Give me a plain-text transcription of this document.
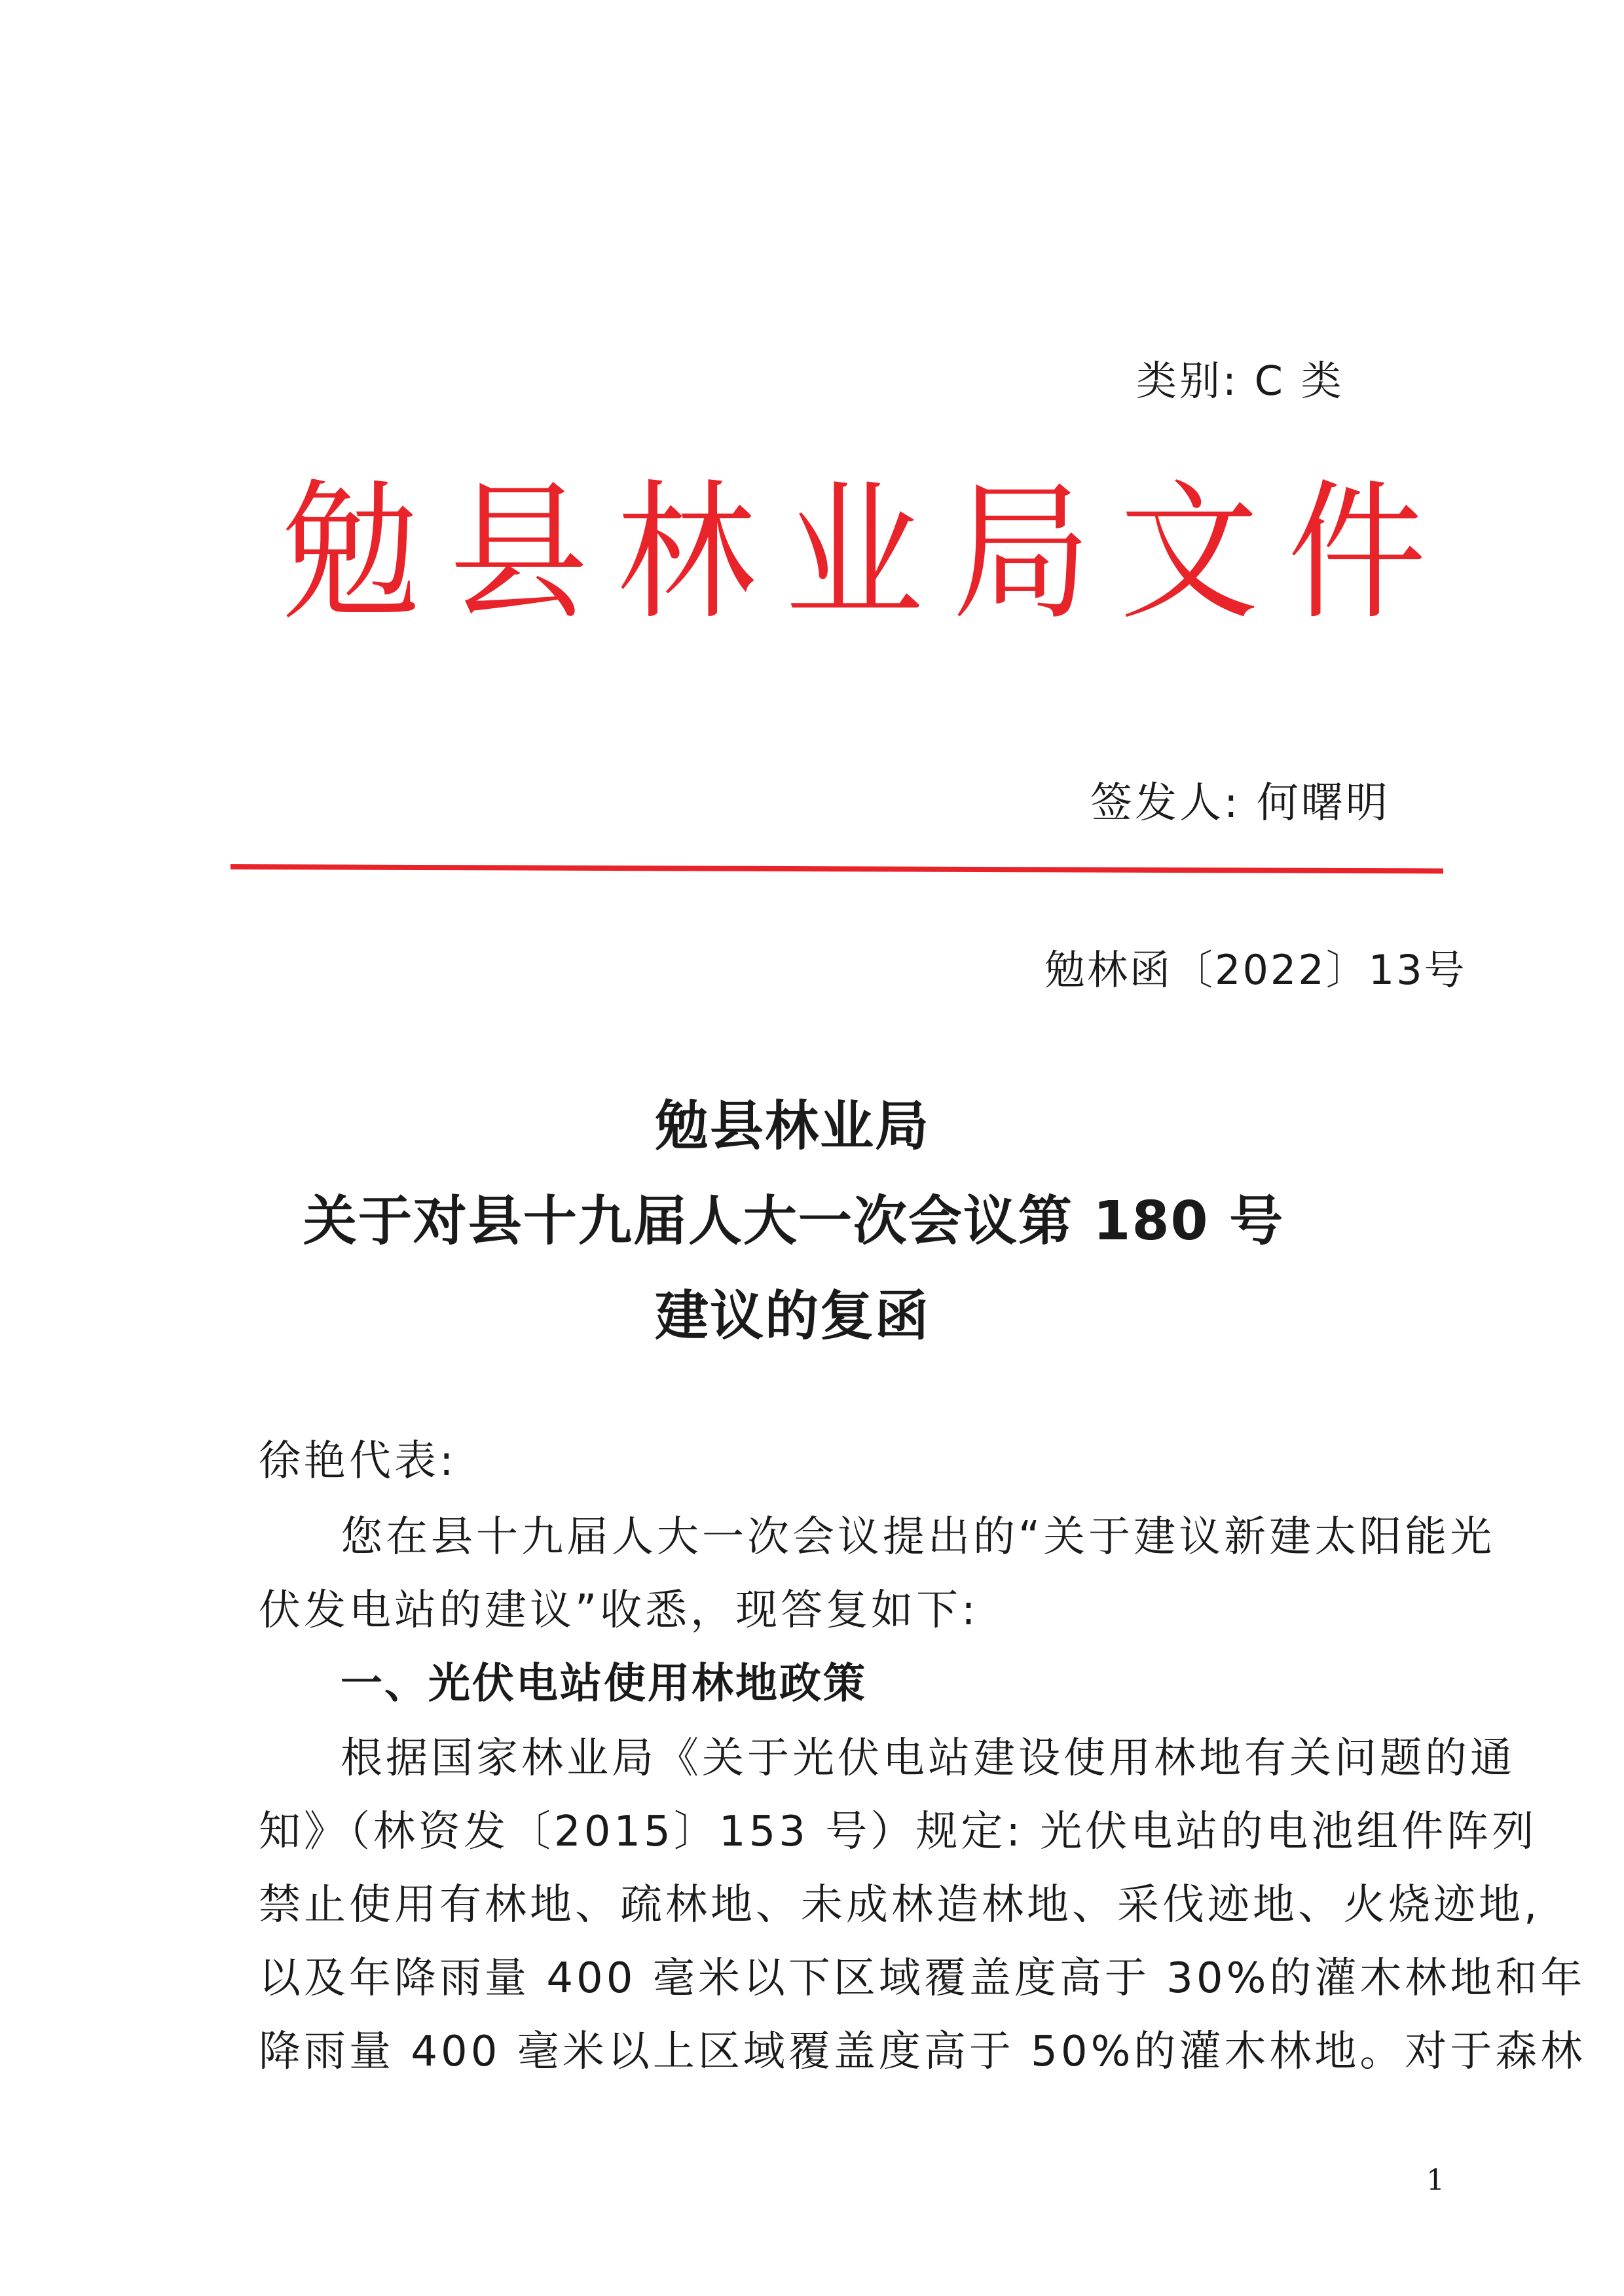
类别: C 类
勉县林业局文件
签发人: 何曙明
勉林函〔2022〕13号
勉县林业局
关于对县十九届人大一次会议第 180 号
建议的复函
徐艳代表:
您在县十九届人大一次会议提出的“关于建议新建太阳能光
伏发电站的建议”收悉，现答复如下:
一、光伏电站使用林地政策
根据国家林业局《关于光伏电站建设使用林地有关问题的通
知》（林资发〔2015〕153 号）规定: 光伏电站的电池组件阵列
禁止使用有林地、疏林地、未成林造林地、采伐迹地、火烧迹地,
以及年降雨量 400 毫米以下区域覆盖度高于 30%的灌木林地和年
降雨量 400 毫米以上区域覆盖度高于 50%的灌木林地。对于森林
1
